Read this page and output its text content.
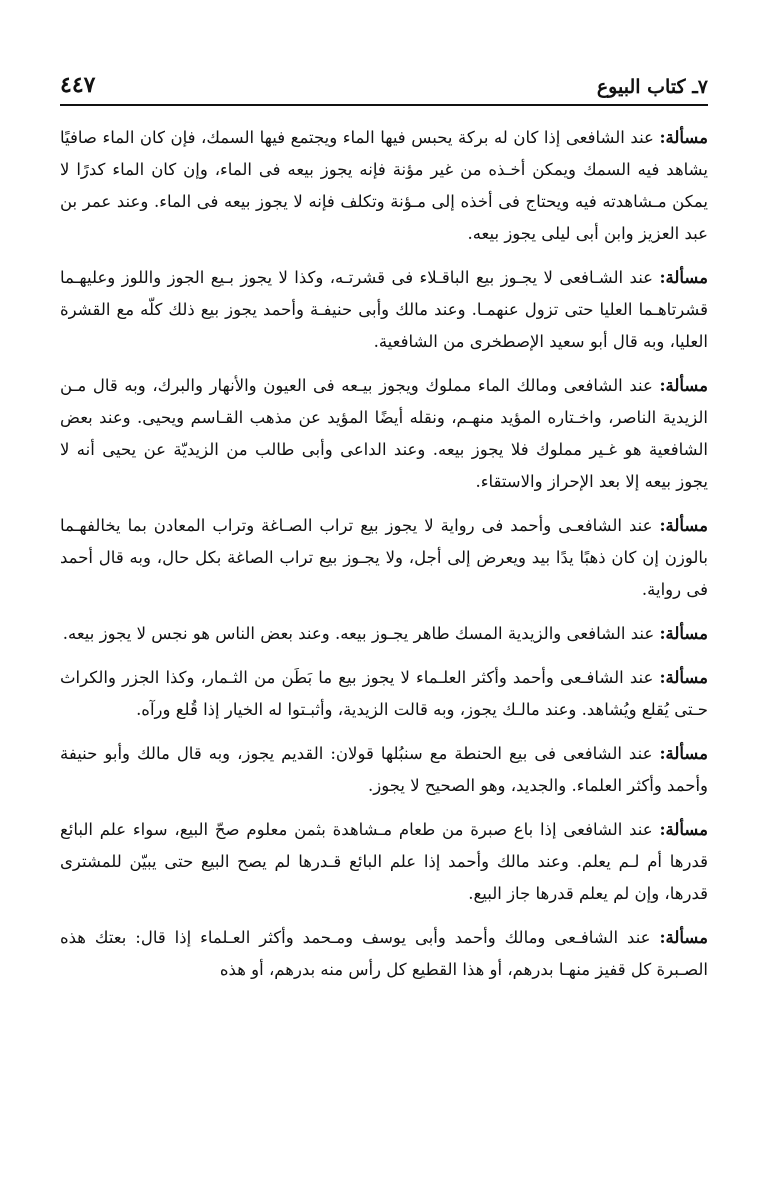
٧ـ كتاب البيوع
٤٤٧

مسألة: عند الشافعى إذا كان له بركة يحبس فيها الماء ويجتمع فيها السمك، فإن كان الماء صافيًا يشاهد فيه السمك ويمكن أخـذه من غير مؤنة فإنه يجوز بيعه فى الماء، وإن كان الماء كدرًا لا يمكن مـشاهدته فيه ويحتاج فى أخذه إلى مـؤنة وتكلف فإنه لا يجوز بيعه فى الماء. وعند عمر بن عبد العزيز وابن أبى ليلى يجوز بيعه.

مسألة: عند الشـافعى لا يجـوز بيع الباقـلاء فى قشرتـه، وكذا لا يجوز بـيع الجوز واللوز وعليهـما قشرتاهـما العليا حتى تزول عنهمـا. وعند مالك وأبى حنيفـة وأحمد يجوز بيع ذلك كلّه مع القشرة العليا، وبه قال أبو سعيد الإصطخرى من الشافعية.

مسألة: عند الشافعى ومالك الماء مملوك ويجوز بيـعه فى العيون والأنهار والبرك، وبه قال مـن الزيدية الناصر، واخـتاره المؤيد منهـم، ونقله أيضًا المؤيد عن مذهب القـاسم ويحيى. وعند بعض الشافعية هو غـير مملوك فلا يجوز بيعه. وعند الداعى وأبى طالب من الزيديّة عن يحيى أنه لا يجوز بيعه إلا بعد الإحراز والاستقاء.

مسألة: عند الشافعـى وأحمد فى رواية لا يجوز بيع تراب الصـاغة وتراب المعادن بما يخالفهـما بالوزن إن كان ذهبًا يدًا بيد ويعرض إلى أجل، ولا يجـوز بيع تراب الصاغة بكل حال، وبه قال أحمد فى رواية.

مسألة: عند الشافعى والزيدية المسك طاهر يجـوز بيعه. وعند بعض الناس هو نجس لا يجوز بيعه.

مسألة: عند الشافـعى وأحمد وأكثر العلـماء لا يجوز بيع ما بَطَن من الثـمار، وكذا الجزر والكراث حـتى يُقلع ويُشاهد. وعند مالـك يجوز، وبه قالت الزيدية، وأثبـتوا له الخيار إذا قُلع ورآه.

مسألة: عند الشافعى فى بيع الحنطة مع سنبُلها قولان: القديم يجوز، وبه قال مالك وأبو حنيفة وأحمد وأكثر العلماء. والجديد، وهو الصحيح لا يجوز.

مسألة: عند الشافعى إذا باع صبرة من طعام مـشاهدة بثمن معلوم صحّ البيع، سواء علم البائع قدرها أم لـم يعلم. وعند مالك وأحمد إذا علم البائع قـدرها لم يصح البيع حتى يبيّن للمشترى قدرها، وإن لم يعلم قدرها جاز البيع.

مسألة: عند الشافـعى ومالك وأحمد وأبى يوسف ومـحمد وأكثر العـلماء إذا قال: بعتك هذه الصـبرة كل قفيز منهـا بدرهم، أو هذا القطيع كل رأس منه بدرهم، أو هذه
